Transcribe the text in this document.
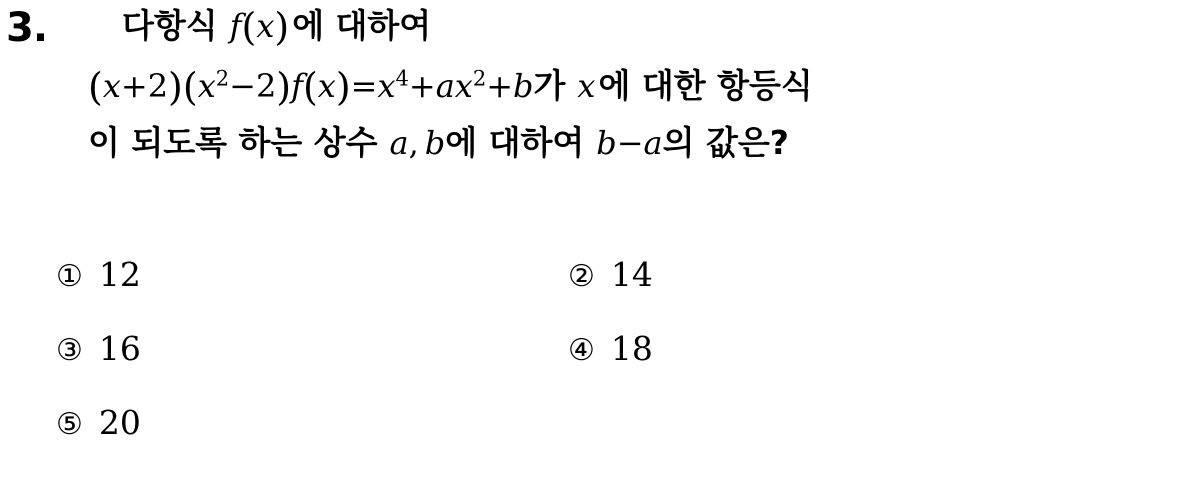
3. 다항식 f(x)에 대하여
$(x+2)(x^2-2)f(x)=x^4+ax^2+b$가 x에 대한 항등식
이 되도록 하는 상수 a, b에 대하여 b−a의 값은?
① 12	② 14
③ 16	④ 18
⑤ 20
